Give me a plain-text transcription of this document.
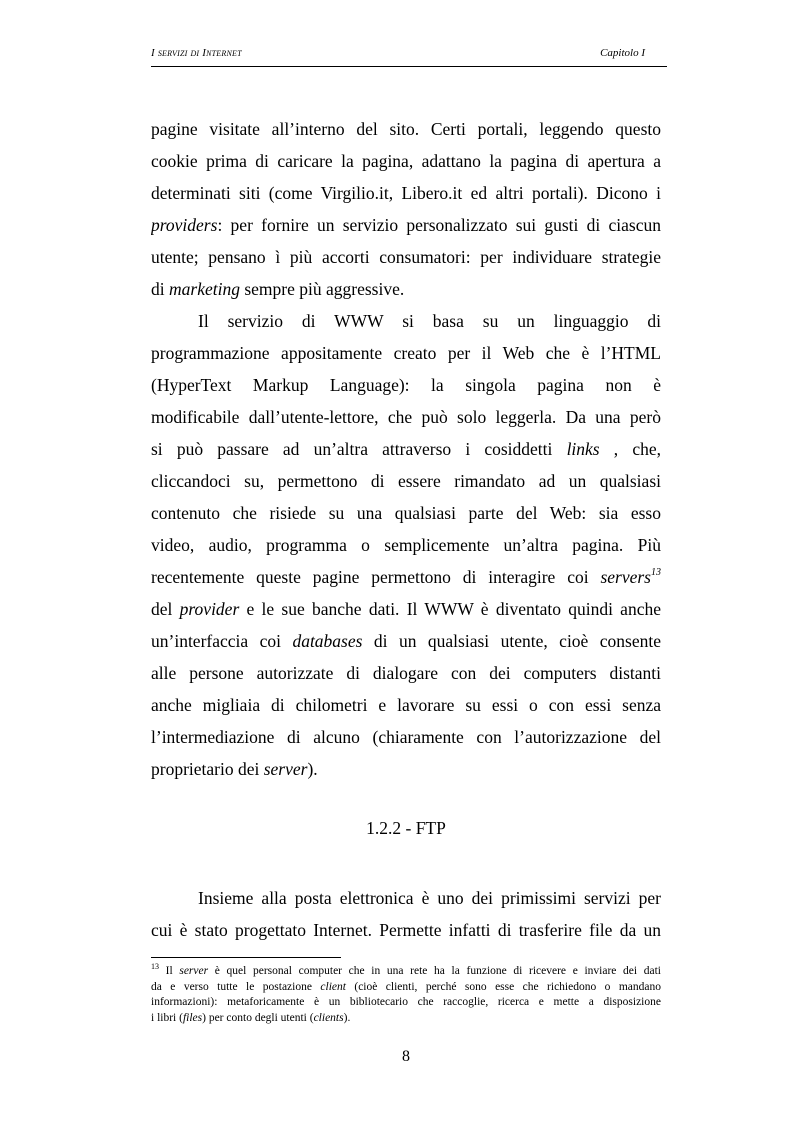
I servizi di Internet	Capitolo I
pagine visitate all’interno del sito. Certi portali, leggendo questo
cookie prima di caricare la pagina, adattano la pagina di apertura a
determinati siti (come Virgilio.it, Libero.it ed altri portali). Dicono i
providers: per fornire un servizio personalizzato sui gusti di ciascun
utente; pensano ì più accorti consumatori: per individuare strategie
di marketing sempre più aggressive.
Il servizio di WWW si basa su un linguaggio di
programmazione appositamente creato per il Web che è l’HTML
(HyperText Markup Language): la singola pagina non è
modificabile dall’utente-lettore, che può solo leggerla. Da una però
si può passare ad un’altra attraverso i cosiddetti links , che,
cliccandoci su, permettono di essere rimandato ad un qualsiasi
contenuto che risiede su una qualsiasi parte del Web: sia esso
video, audio, programma o semplicemente un’altra pagina. Più
recentemente queste pagine permettono di interagire coi servers$^{13}$
del provider e le sue banche dati. Il WWW è diventato quindi anche
un’interfaccia coi databases di un qualsiasi utente, cioè consente
alle persone autorizzate di dialogare con dei computers distanti
anche migliaia di chilometri e lavorare su essi o con essi senza
l’intermediazione di alcuno (chiaramente con l’autorizzazione del
proprietario dei server).
1.2.2 - FTP
Insieme alla posta elettronica è uno dei primissimi servizi per
cui è stato progettato Internet. Permette infatti di trasferire file da un
$^{13}$ Il server è quel personal computer che in una rete ha la funzione di ricevere e inviare dei dati
da e verso tutte le postazione client (cioè clienti, perché sono esse che richiedono o mandano
informazioni): metaforicamente è un bibliotecario che raccoglie, ricerca e mette a disposizione
i libri (files) per conto degli utenti (clients).
8
